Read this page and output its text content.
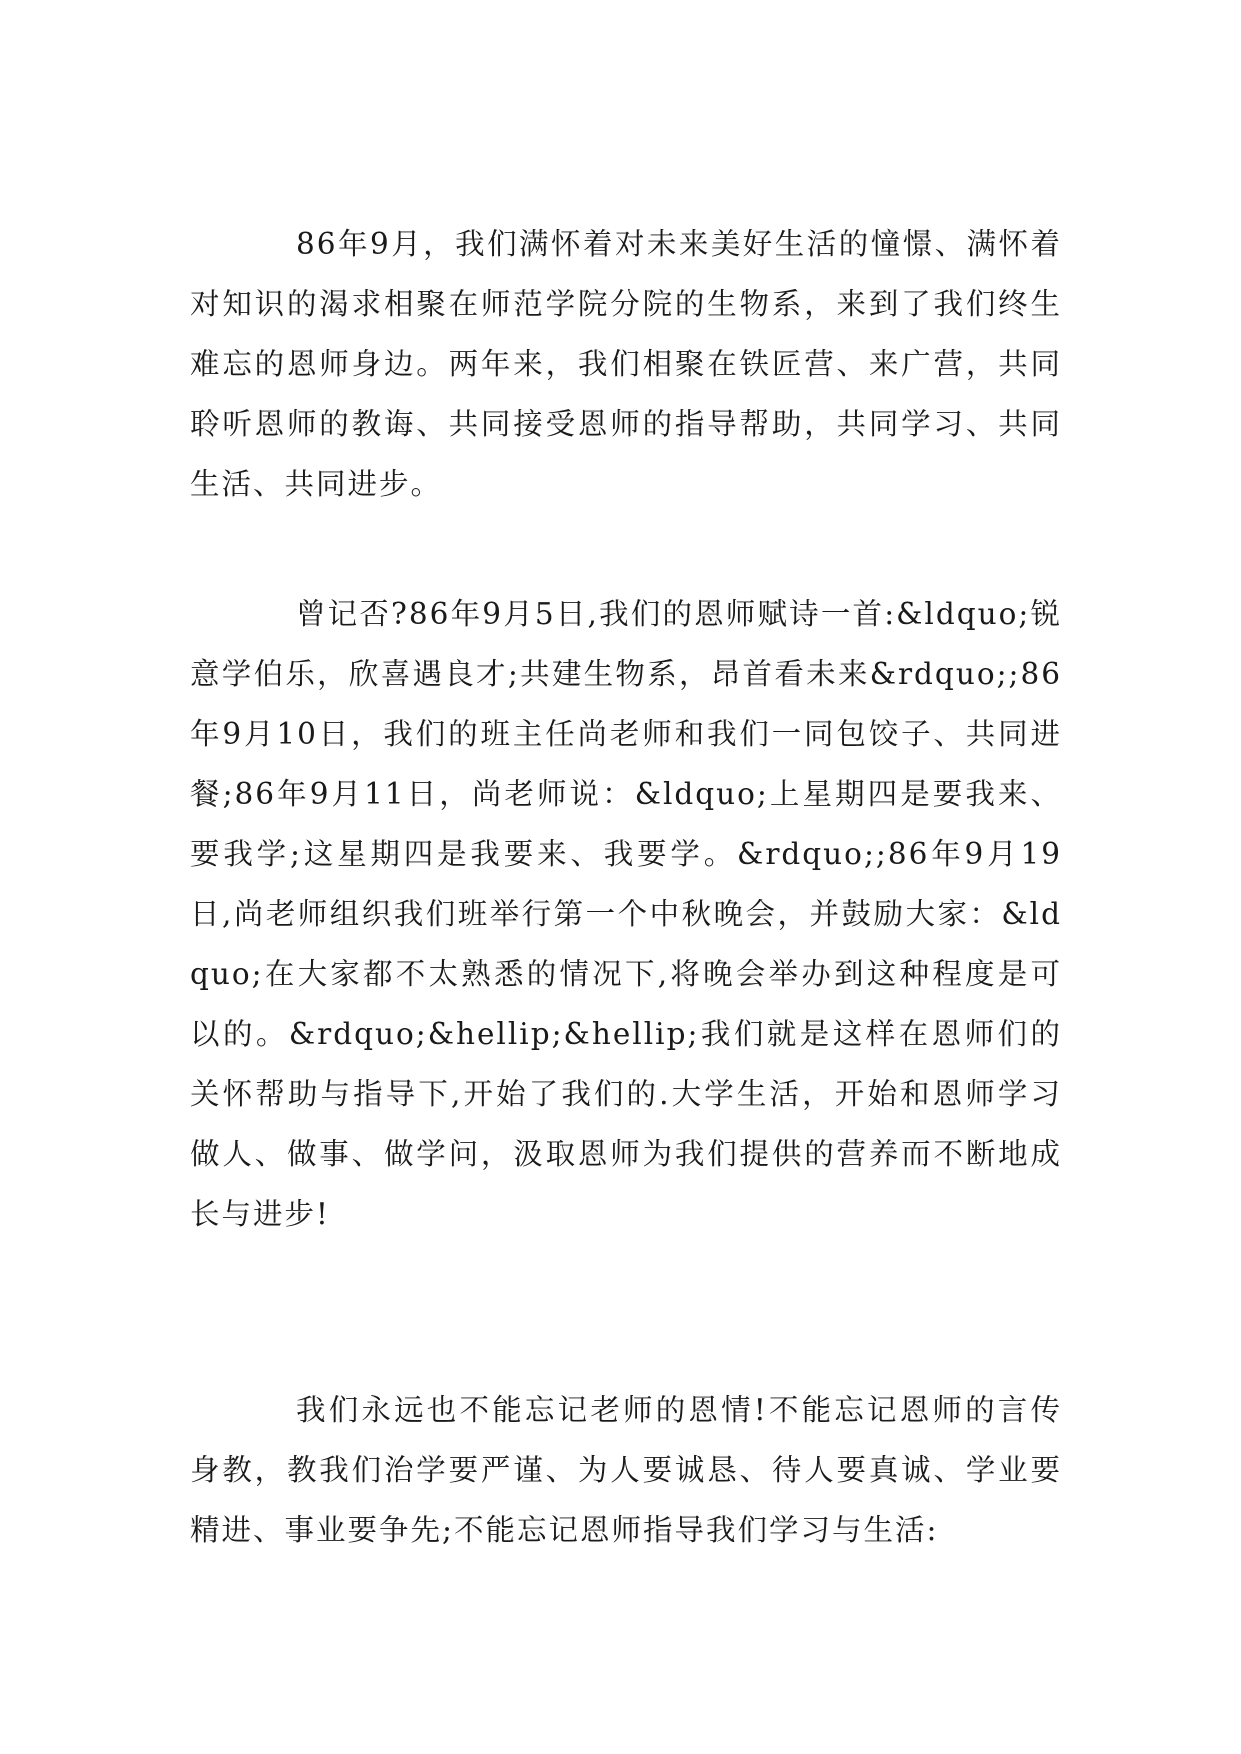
86年9月，我们满怀着对未来美好生活的憧憬、满怀着对知识的渴求相聚在师范学院分院的生物系，来到了我们终生难忘的恩师身边。两年来，我们相聚在铁匠营、来广营，共同聆听恩师的教诲、共同接受恩师的指导帮助，共同学习、共同生活、共同进步。

曾记否?86年9月5日,我们的恩师赋诗一首:&ldquo;锐意学伯乐，欣喜遇良才;共建生物系，昂首看未来&rdquo;;86年9月10日，我们的班主任尚老师和我们一同包饺子、共同进餐;86年9月11日，尚老师说：&ldquo;上星期四是要我来、要我学;这星期四是我要来、我要学。&rdquo;;86年9月19日,尚老师组织我们班举行第一个中秋晚会，并鼓励大家：&ldquo;在大家都不太熟悉的情况下,将晚会举办到这种程度是可以的。&rdquo;&hellip;&hellip;我们就是这样在恩师们的关怀帮助与指导下,开始了我们的.大学生活，开始和恩师学习做人、做事、做学问，汲取恩师为我们提供的营养而不断地成长与进步!

我们永远也不能忘记老师的恩情!不能忘记恩师的言传身教，教我们治学要严谨、为人要诚恳、待人要真诚、学业要精进、事业要争先;不能忘记恩师指导我们学习与生活:
